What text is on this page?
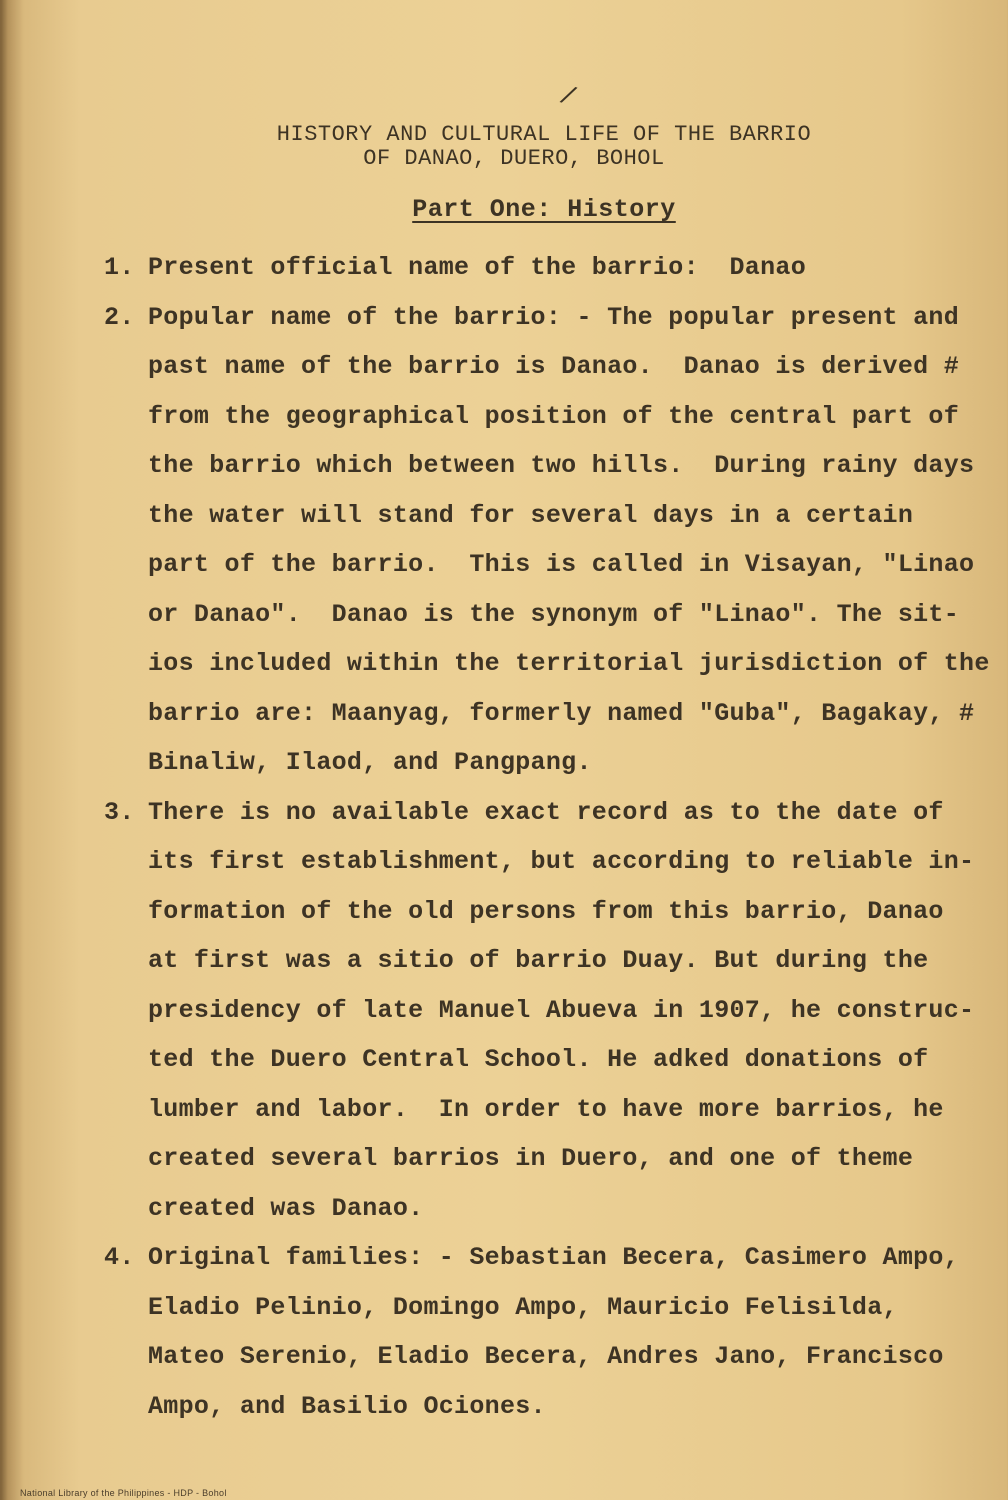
/
HISTORY AND CULTURAL LIFE OF THE BARRIO
OF DANAO, DUERO, BOHOL
Part One: History
1. Present official name of the barrio:  Danao
2. Popular name of the barrio: - The popular present and
past name of the barrio is Danao.  Danao is derived #
from the geographical position of the central part of
the barrio which between two hills.  During rainy days
the water will stand for several days in a certain
part of the barrio.  This is called in Visayan, "Linao
or Danao".  Danao is the synonym of "Linao". The sit-
ios included within the territorial jurisdiction of the
barrio are: Maanyag, formerly named "Guba", Bagakay, #
Binaliw, Ilaod, and Pangpang.
3. There is no available exact record as to the date of
its first establishment, but according to reliable in-
formation of the old persons from this barrio, Danao
at first was a sitio of barrio Duay. But during the
presidency of late Manuel Abueva in 1907, he construc-
ted the Duero Central School. He adked donations of
lumber and labor.  In order to have more barrios, he
created several barrios in Duero, and one of theme
created was Danao.
4. Original families: - Sebastian Becera, Casimero Ampo,
Eladio Pelinio, Domingo Ampo, Mauricio Felisilda,
Mateo Serenio, Eladio Becera, Andres Jano, Francisco
Ampo, and Basilio Ociones.
National Library of the Philippines - HDP - Bohol
